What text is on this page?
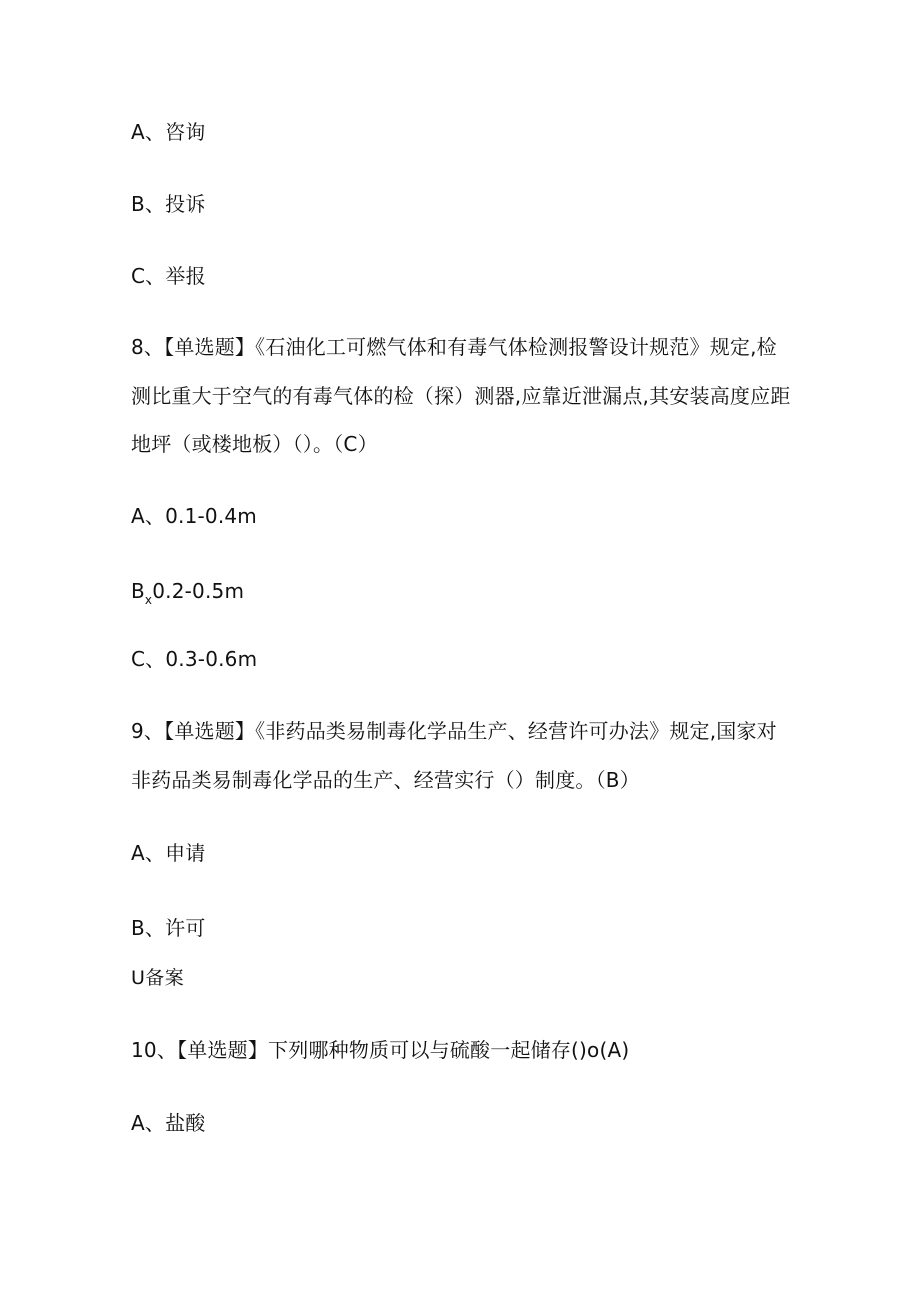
A、咨询
B、投诉
C、举报
8、【单选题】《石油化工可燃气体和有毒气体检测报警设计规范》规定,检
测比重大于空气的有毒气体的检（探）测器,应靠近泄漏点,其安装高度应距
地坪（或楼地板）（）。（C）
A、0.1-0.4m
$B_x0.2-0.5m$
C、0.3-0.6m
9、【单选题】《非药品类易制毒化学品生产、经营许可办法》规定,国家对
非药品类易制毒化学品的生产、经营实行（）制度。（B）
A、申请
B、许可
U备案
10、【单选题】下列哪种物质可以与硫酸一起储存()o(A)
A、盐酸
